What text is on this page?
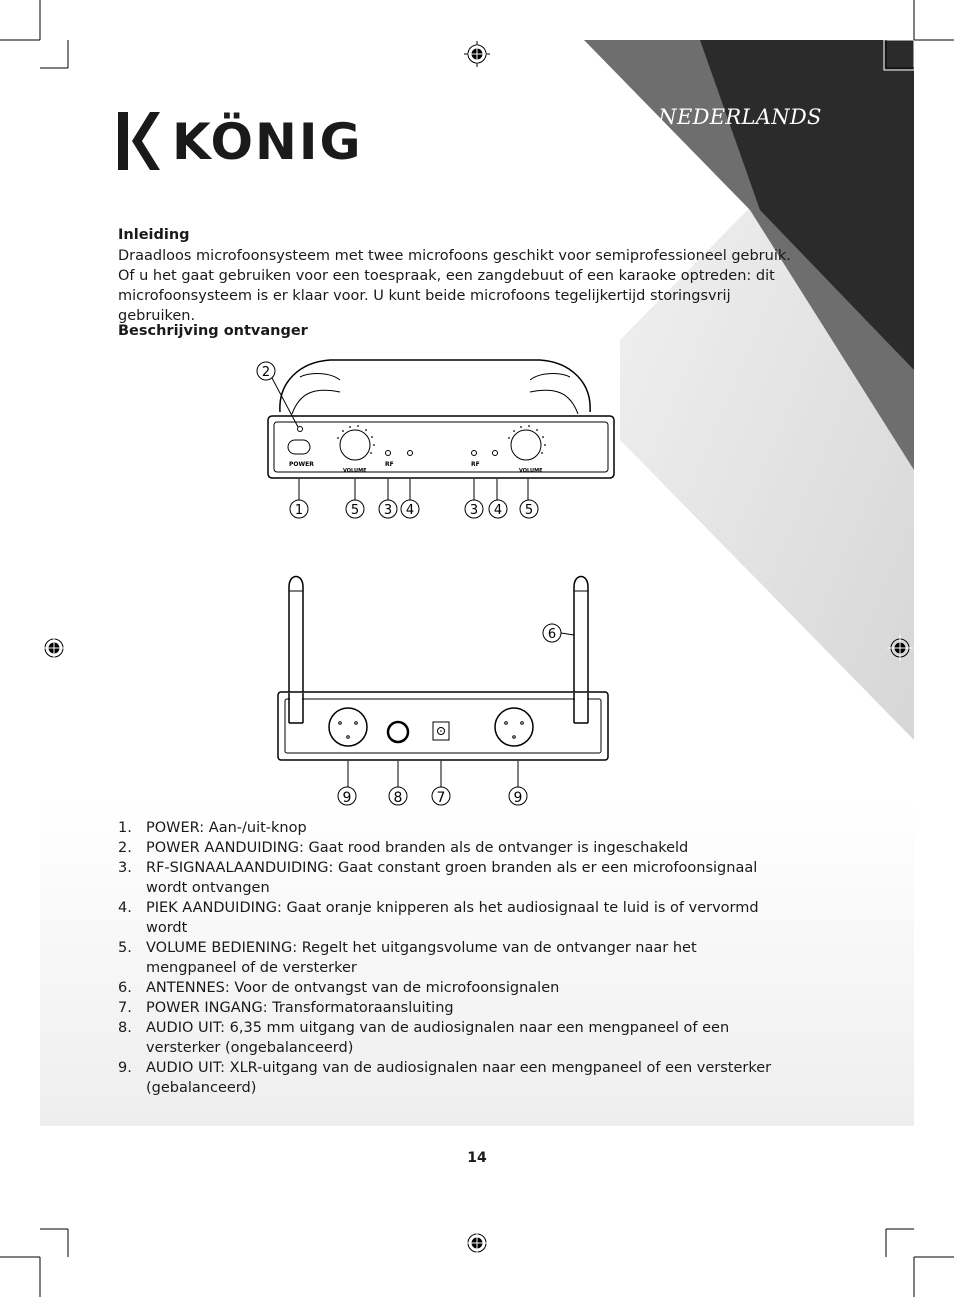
KÖNIG	NEDERLANDS
Inleiding

Draadloos microfoonsysteem met twee microfoons geschikt voor semiprofessioneel gebruik.

Of u het gaat gebruiken voor een toespraak, een zangdebuut of een karaoke optreden: dit

microfoonsysteem is er klaar voor. U kunt beide microfoons tegelijkertijd storingsvrij gebruiken.

Beschrijving ontvanger
POWER
VOLUME
RF	RF
VOLUME
2
1	5 3 4	3 4 5
6
9	8 7	9
1. POWER: Aan-/uit-knop
2. POWER AANDUIDING: Gaat rood branden als de ontvanger is ingeschakeld
3. RF-SIGNAALAANDUIDING: Gaat constant groen branden als er een microfoonsignaal wordt ontvangen
4. PIEK AANDUIDING: Gaat oranje knipperen als het audiosignaal te luid is of vervormd wordt
5. VOLUME BEDIENING: Regelt het uitgangsvolume van de ontvanger naar het mengpaneel of de versterker
6. ANTENNES: Voor de ontvangst van de microfoonsignalen
7. POWER INGANG: Transformatoraansluiting
8. AUDIO UIT: 6,35 mm uitgang van de audiosignalen naar een mengpaneel of een versterker (ongebalanceerd)
9. AUDIO UIT: XLR-uitgang van de audiosignalen naar een mengpaneel of een versterker (gebalanceerd)
14
